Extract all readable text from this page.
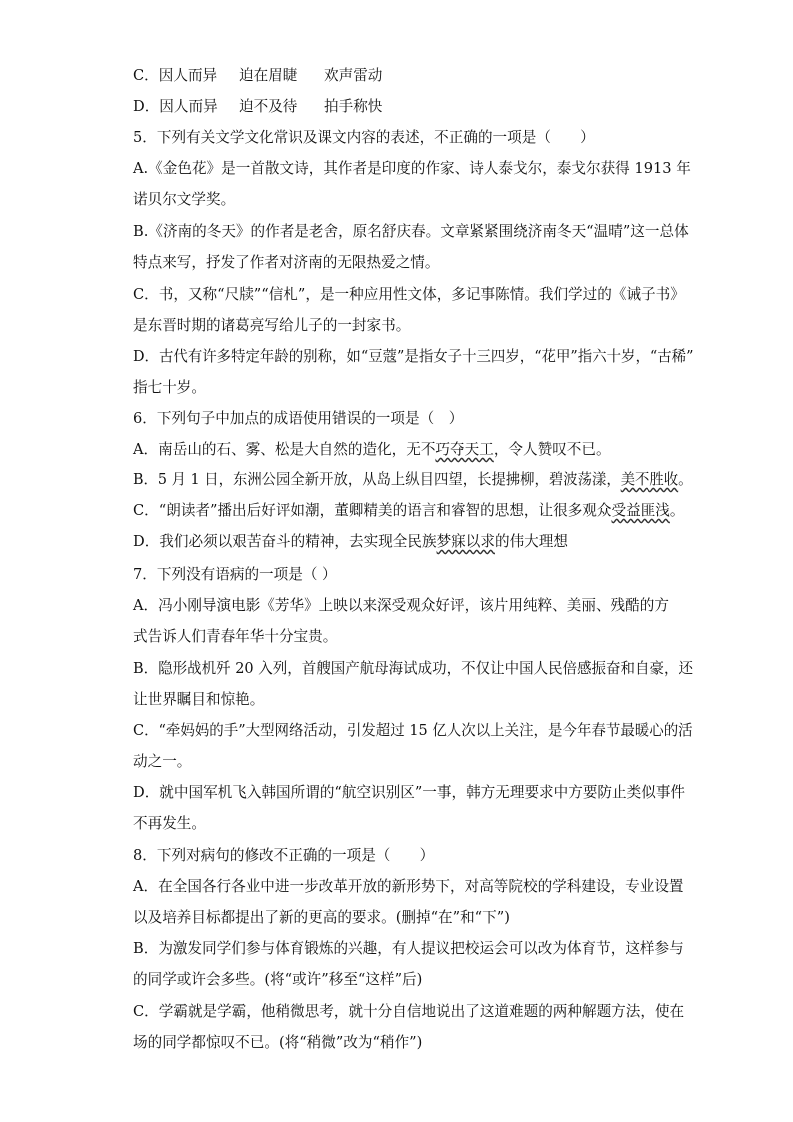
C．因人而异 迫在眉睫 欢声雷动
D．因人而异 迫不及待 拍手称快
5．下列有关文学文化常识及课文内容的表述，不正确的一项是（　　）
A.《金色花》是一首散文诗，其作者是印度的作家、诗人泰戈尔，泰戈尔获得 1913 年
诺贝尔文学奖。
B.《济南的冬天》的作者是老舍，原名舒庆春。文章紧紧围绕济南冬天“温晴”这一总体
特点来写，抒发了作者对济南的无限热爱之情。
C．书，又称“尺牍”“信札”，是一种应用性文体，多记事陈情。我们学过的《诫子书》
是东晋时期的诸葛亮写给儿子的一封家书。
D．古代有许多特定年龄的别称，如“豆蔻”是指女子十三四岁，“花甲”指六十岁，“古稀”
指七十岁。
6．下列句子中加点的成语使用错误的一项是（　）
A．南岳山的石、雾、松是大自然的造化，无不巧夺天工，令人赞叹不已。
B．5 月 1 日，东洲公园全新开放，从岛上纵目四望，长提拂柳，碧波荡漾，美不胜收。
C．“朗读者”播出后好评如潮，董卿精美的语言和睿智的思想，让很多观众受益匪浅。
D．我们必须以艰苦奋斗的精神，去实现全民族梦寐以求的伟大理想
7．下列没有语病的一项是（ ）
A．冯小刚导演电影《芳华》上映以来深受观众好评，该片用纯粹、美丽、残酷的方
式告诉人们青春年华十分宝贵。
B．隐形战机歼 20 入列，首艘国产航母海试成功，不仅让中国人民倍感振奋和自豪，还
让世界瞩目和惊艳。
C．“牵妈妈的手”大型网络活动，引发超过 15 亿人次以上关注，是今年春节最暖心的活
动之一。
D．就中国军机飞入韩国所谓的“航空识别区”一事，韩方无理要求中方要防止类似事件
不再发生。
8．下列对病句的修改不正确的一项是（　　）
A．在全国各行各业中进一步改革开放的新形势下，对高等院校的学科建设，专业设置
以及培养目标都提出了新的更高的要求。(删掉“在”和“下”)
B．为激发同学们参与体育锻炼的兴趣，有人提议把校运会可以改为体育节，这样参与
的同学或许会多些。(将“或许”移至“这样”后)
C．学霸就是学霸，他稍微思考，就十分自信地说出了这道难题的两种解题方法，使在
场的同学都惊叹不已。(将“稍微”改为“稍作”)
